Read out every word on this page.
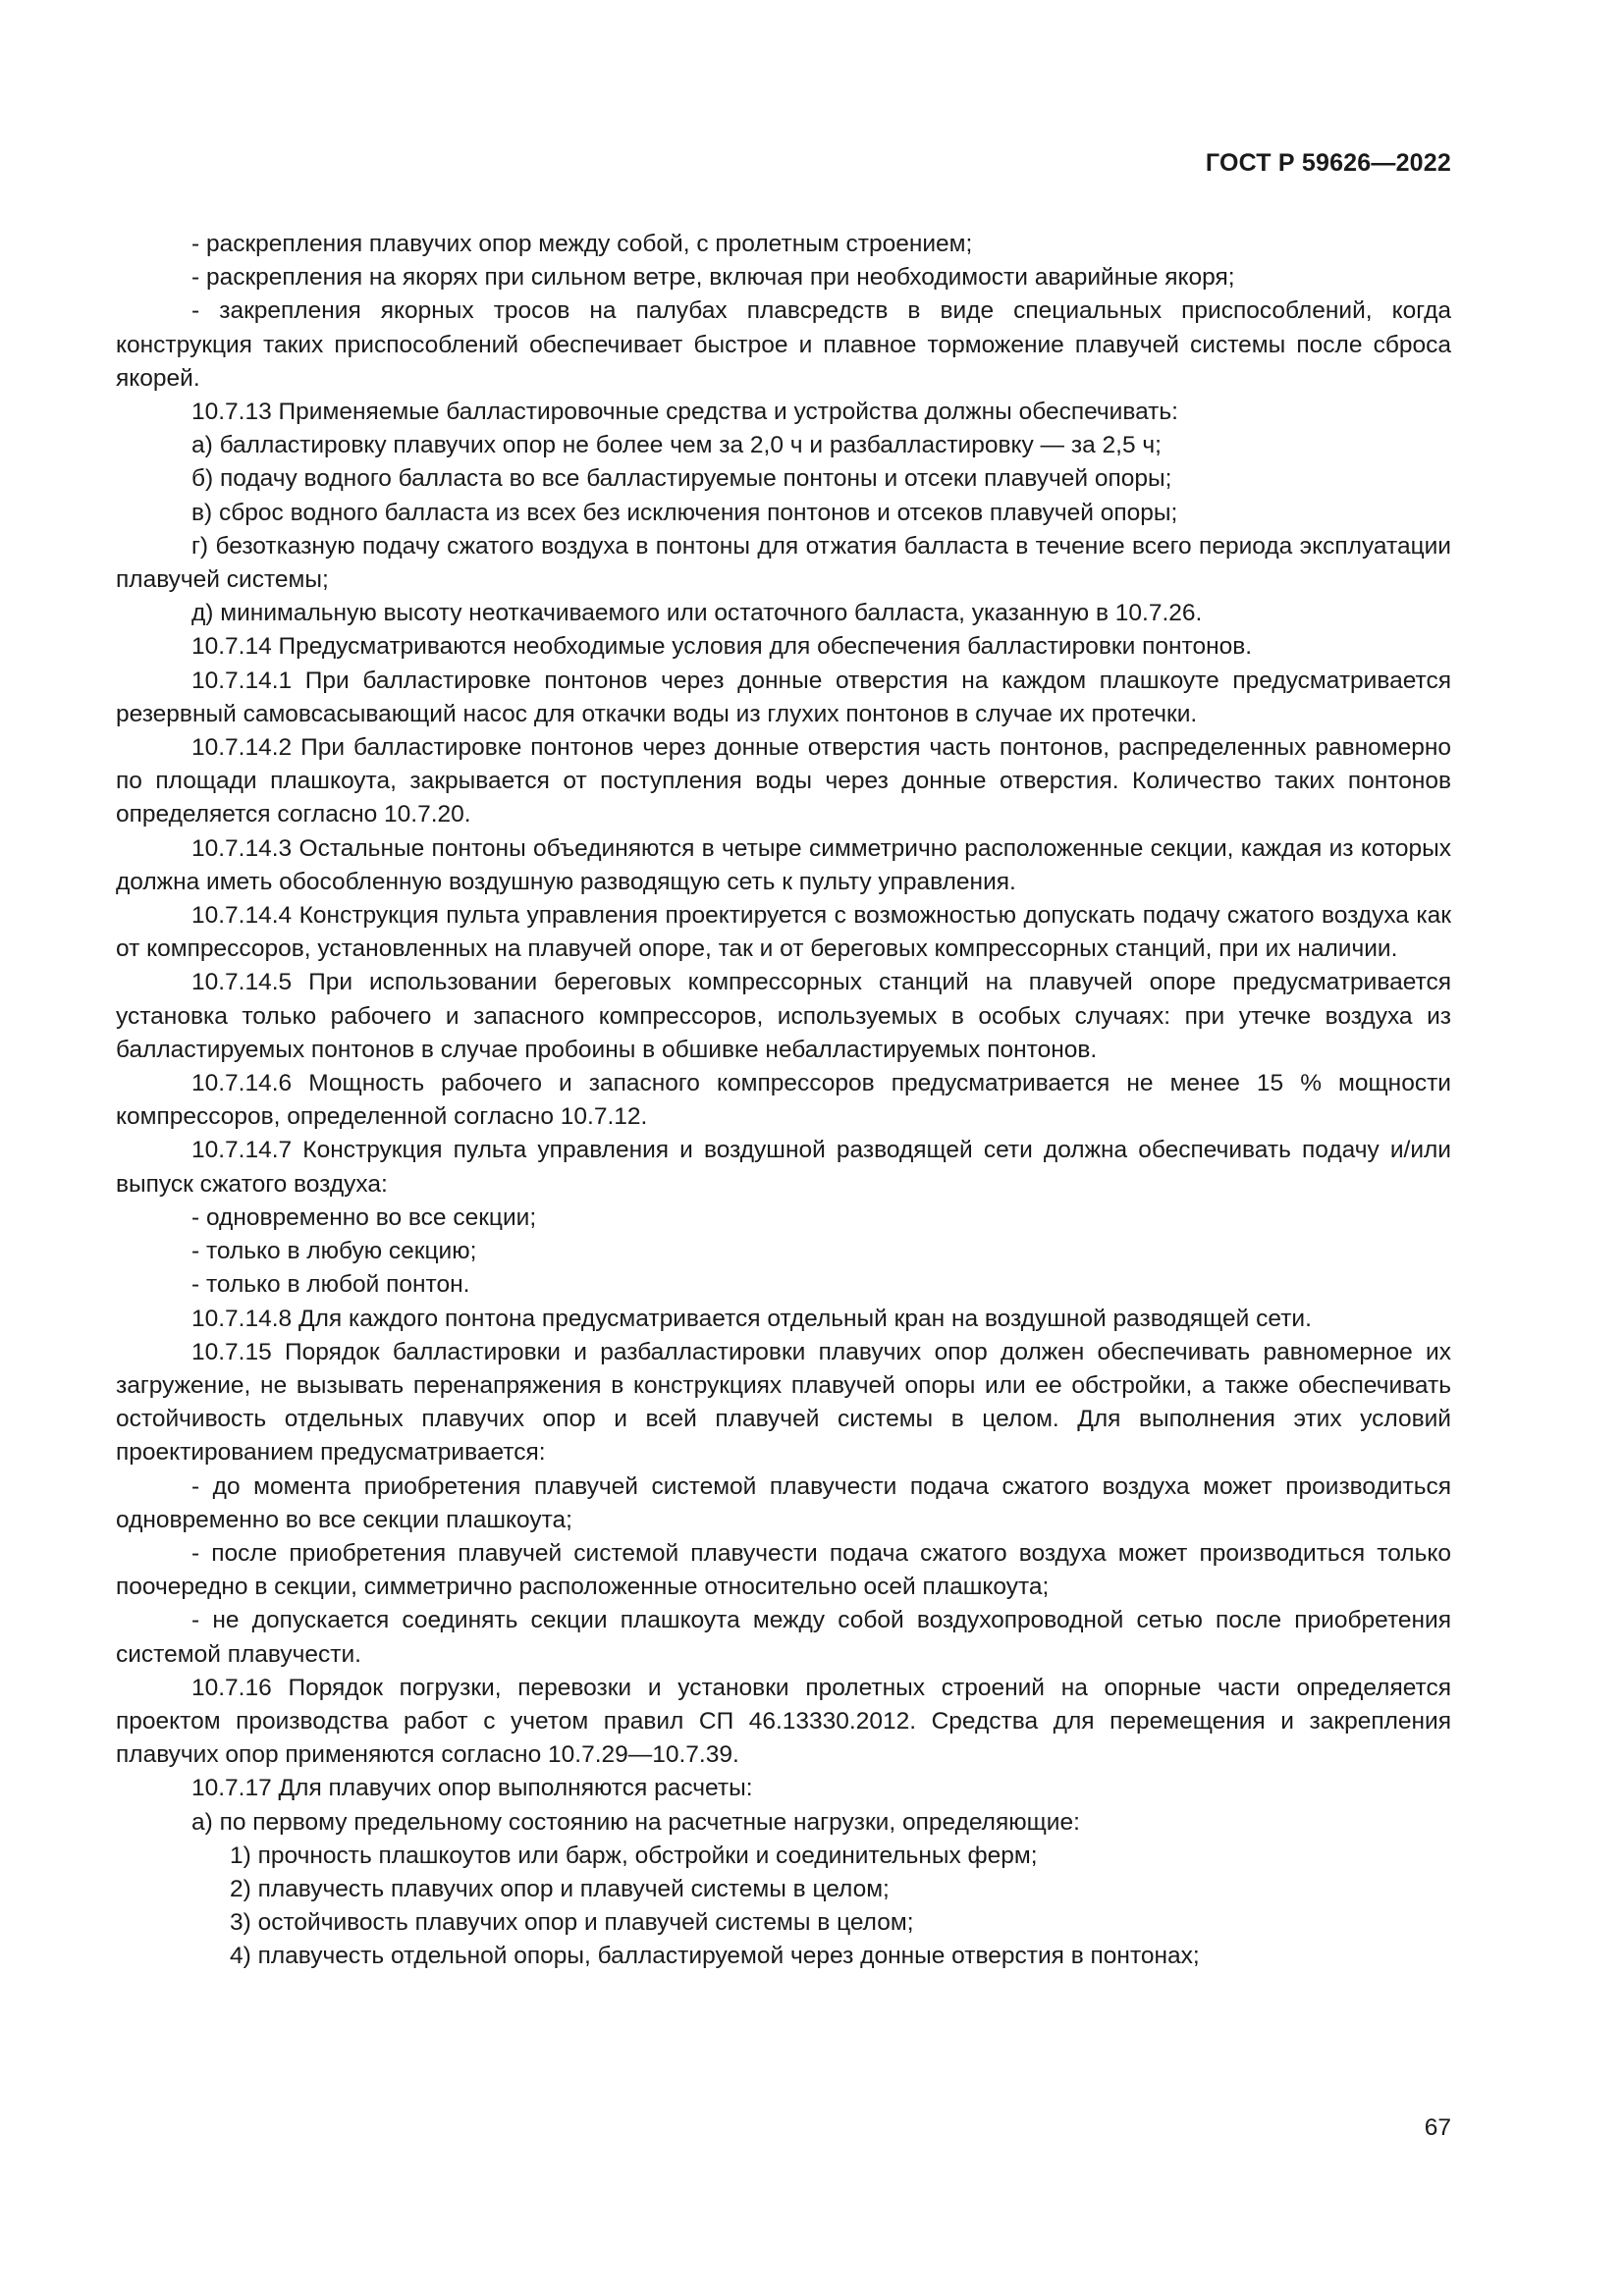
ГОСТ Р 59626—2022

- раскрепления плавучих опор между собой, с пролетным строением;

- раскрепления на якорях при сильном ветре, включая при необходимости аварийные якоря;

- закрепления якорных тросов на палубах плавсредств в виде специальных приспособлений, когда конструкция таких приспособлений обеспечивает быстрое и плавное торможение плавучей системы после сброса якорей.

10.7.13 Применяемые балластировочные средства и устройства должны обеспечивать:

а) балластировку плавучих опор не более чем за 2,0 ч и разбалластировку — за 2,5 ч;

б) подачу водного балласта во все балластируемые понтоны и отсеки плавучей опоры;

в) сброс водного балласта из всех без исключения понтонов и отсеков плавучей опоры;

г) безотказную подачу сжатого воздуха в понтоны для отжатия балласта в течение всего периода эксплуатации плавучей системы;

д) минимальную высоту неоткачиваемого или остаточного балласта, указанную в 10.7.26.

10.7.14 Предусматриваются необходимые условия для обеспечения балластировки понтонов.

10.7.14.1 При балластировке понтонов через донные отверстия на каждом плашкоуте предусматривается резервный самовсасывающий насос для откачки воды из глухих понтонов в случае их протечки.

10.7.14.2 При балластировке понтонов через донные отверстия часть понтонов, распределенных равномерно по площади плашкоута, закрывается от поступления воды через донные отверстия. Количество таких понтонов определяется согласно 10.7.20.

10.7.14.3 Остальные понтоны объединяются в четыре симметрично расположенные секции, каждая из которых должна иметь обособленную воздушную разводящую сеть к пульту управления.

10.7.14.4 Конструкция пульта управления проектируется с возможностью допускать подачу сжатого воздуха как от компрессоров, установленных на плавучей опоре, так и от береговых компрессорных станций, при их наличии.

10.7.14.5 При использовании береговых компрессорных станций на плавучей опоре предусматривается установка только рабочего и запасного компрессоров, используемых в особых случаях: при утечке воздуха из балластируемых понтонов в случае пробоины в обшивке небалластируемых понтонов.

10.7.14.6 Мощность рабочего и запасного компрессоров предусматривается не менее 15 % мощности компрессоров, определенной согласно 10.7.12.

10.7.14.7 Конструкция пульта управления и воздушной разводящей сети должна обеспечивать подачу и/или выпуск сжатого воздуха:

- одновременно во все секции;

- только в любую секцию;

- только в любой понтон.

10.7.14.8 Для каждого понтона предусматривается отдельный кран на воздушной разводящей сети.

10.7.15 Порядок балластировки и разбалластировки плавучих опор должен обеспечивать равномерное их загружение, не вызывать перенапряжения в конструкциях плавучей опоры или ее обстройки, а также обеспечивать остойчивость отдельных плавучих опор и всей плавучей системы в целом. Для выполнения этих условий проектированием предусматривается:

- до момента приобретения плавучей системой плавучести подача сжатого воздуха может производиться одновременно во все секции плашкоута;

- после приобретения плавучей системой плавучести подача сжатого воздуха может производиться только поочередно в секции, симметрично расположенные относительно осей плашкоута;

- не допускается соединять секции плашкоута между собой воздухопроводной сетью после приобретения системой плавучести.

10.7.16 Порядок погрузки, перевозки и установки пролетных строений на опорные части определяется проектом производства работ с учетом правил СП 46.13330.2012. Средства для перемещения и закрепления плавучих опор применяются согласно 10.7.29—10.7.39.

10.7.17 Для плавучих опор выполняются расчеты:

а) по первому предельному состоянию на расчетные нагрузки, определяющие:

1) прочность плашкоутов или барж, обстройки и соединительных ферм;

2) плавучесть плавучих опор и плавучей системы в целом;

3) остойчивость плавучих опор и плавучей системы в целом;

4) плавучесть отдельной опоры, балластируемой через донные отверстия в понтонах;

67
